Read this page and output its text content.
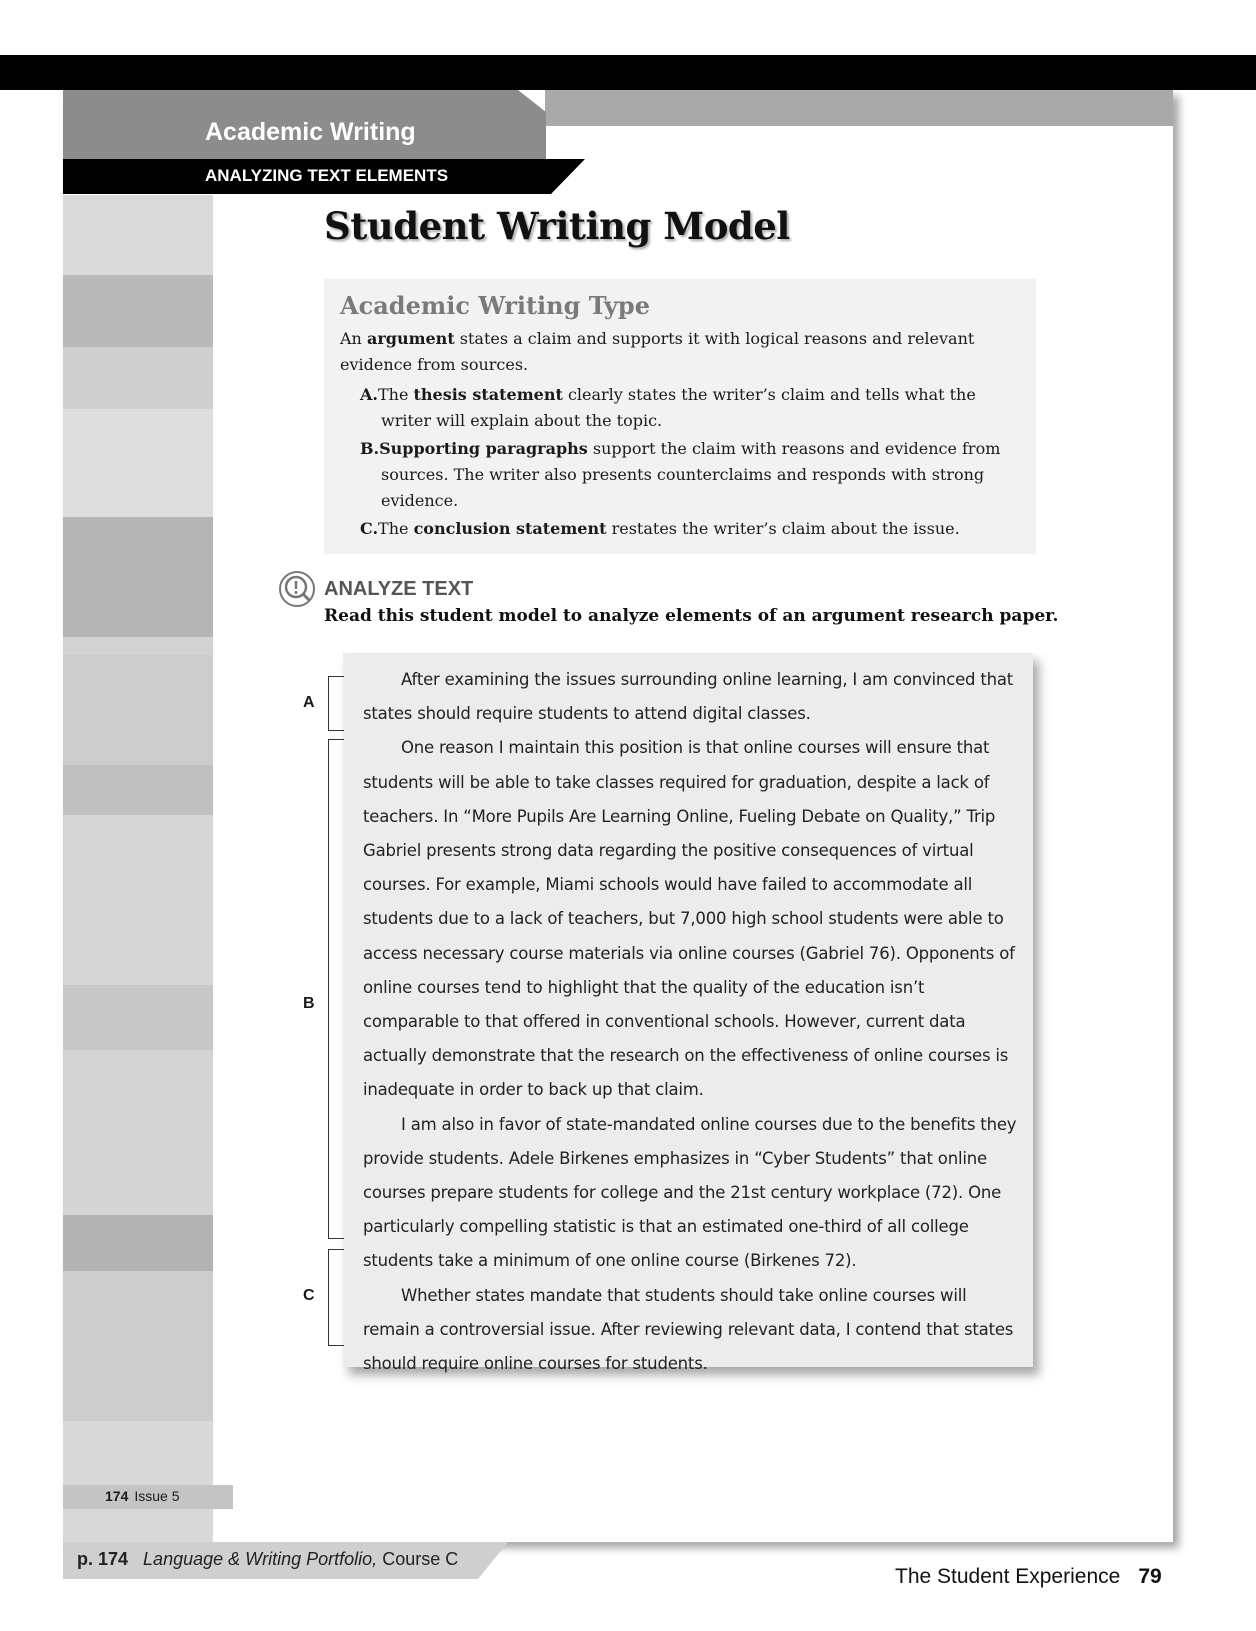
Academic Writing
ANALYZING TEXT ELEMENTS
Student Writing Model
Academic Writing Type

An argument states a claim and supports it with logical reasons and relevant evidence from sources.

A.The thesis statement clearly states the writer’s claim and tells what the writer will explain about the topic.
B.Supporting paragraphs support the claim with reasons and evidence from sources. The writer also presents counterclaims and responds with strong evidence.
C.The conclusion statement restates the writer’s claim about the issue.
ANALYZE TEXT

Read this student model to analyze elements of an argument research paper.

After examining the issues surrounding online learning, I am convinced that states should require students to attend digital classes.

One reason I maintain this position is that online courses will ensure that students will be able to take classes required for graduation, despite a lack of teachers. In “More Pupils Are Learning Online, Fueling Debate on Quality,” Trip Gabriel presents strong data regarding the positive consequences of virtual courses. For example, Miami schools would have failed to accommodate all students due to a lack of teachers, but 7,000 high school students were able to access necessary course materials via online courses (Gabriel 76). Opponents of online courses tend to highlight that the quality of the education isn’t comparable to that offered in conventional schools. However, current data actually demonstrate that the research on the effectiveness of online courses is inadequate in order to back up that claim.

I am also in favor of state-mandated online courses due to the benefits they provide students. Adele Birkenes emphasizes in “Cyber Students” that online courses prepare students for college and the 21st century workplace (72). One particularly compelling statistic is that an estimated one-third of all college students take a minimum of one online course (Birkenes 72).

Whether states mandate that students should take online courses will remain a controversial issue. After reviewing relevant data, I contend that states should require online courses for students.

A

B

C

174 Issue 5

p. 174 Language & Writing Portfolio, Course C

The Student Experience 79
